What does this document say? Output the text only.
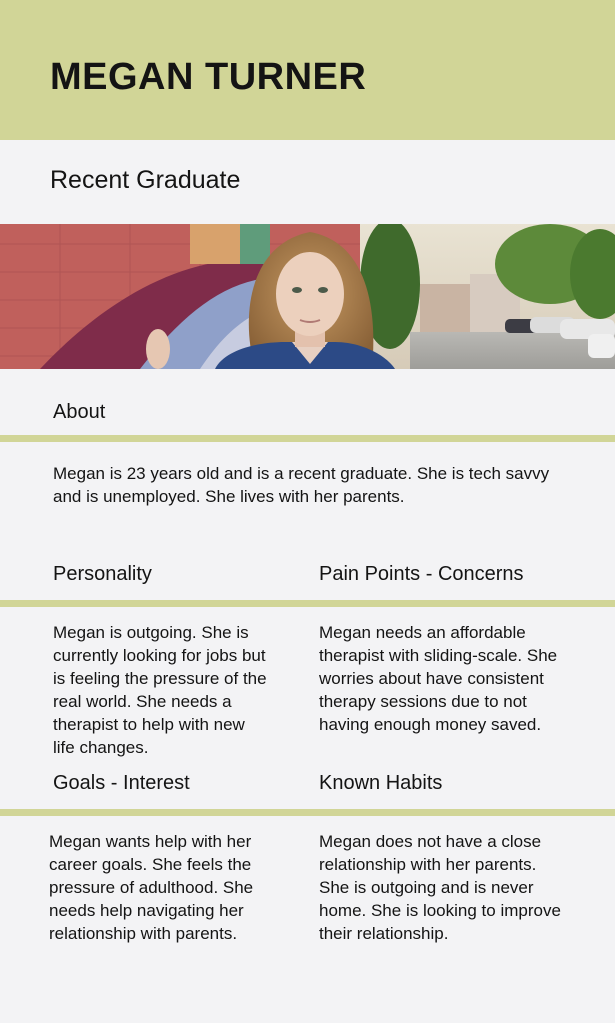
MEGAN TURNER
Recent Graduate
About

Megan is 23 years old and is a recent graduate. She is tech savvy and is unemployed. She lives with her parents.

Personality	Pain Points - Concerns

Megan is outgoing. She is currently looking for jobs but is feeling the pressure of the real world. She needs a therapist to help with new life changes.

Megan needs an affordable therapist with sliding-scale. She worries about have consistent therapy sessions due to not having enough money saved.

Goals - Interest	Known Habits

Megan wants help with her career goals. She feels the pressure of adulthood. She needs help navigating her relationship with parents.

Megan does not have a close relationship with her parents. She is outgoing and is never home. She is looking to improve their relationship.
